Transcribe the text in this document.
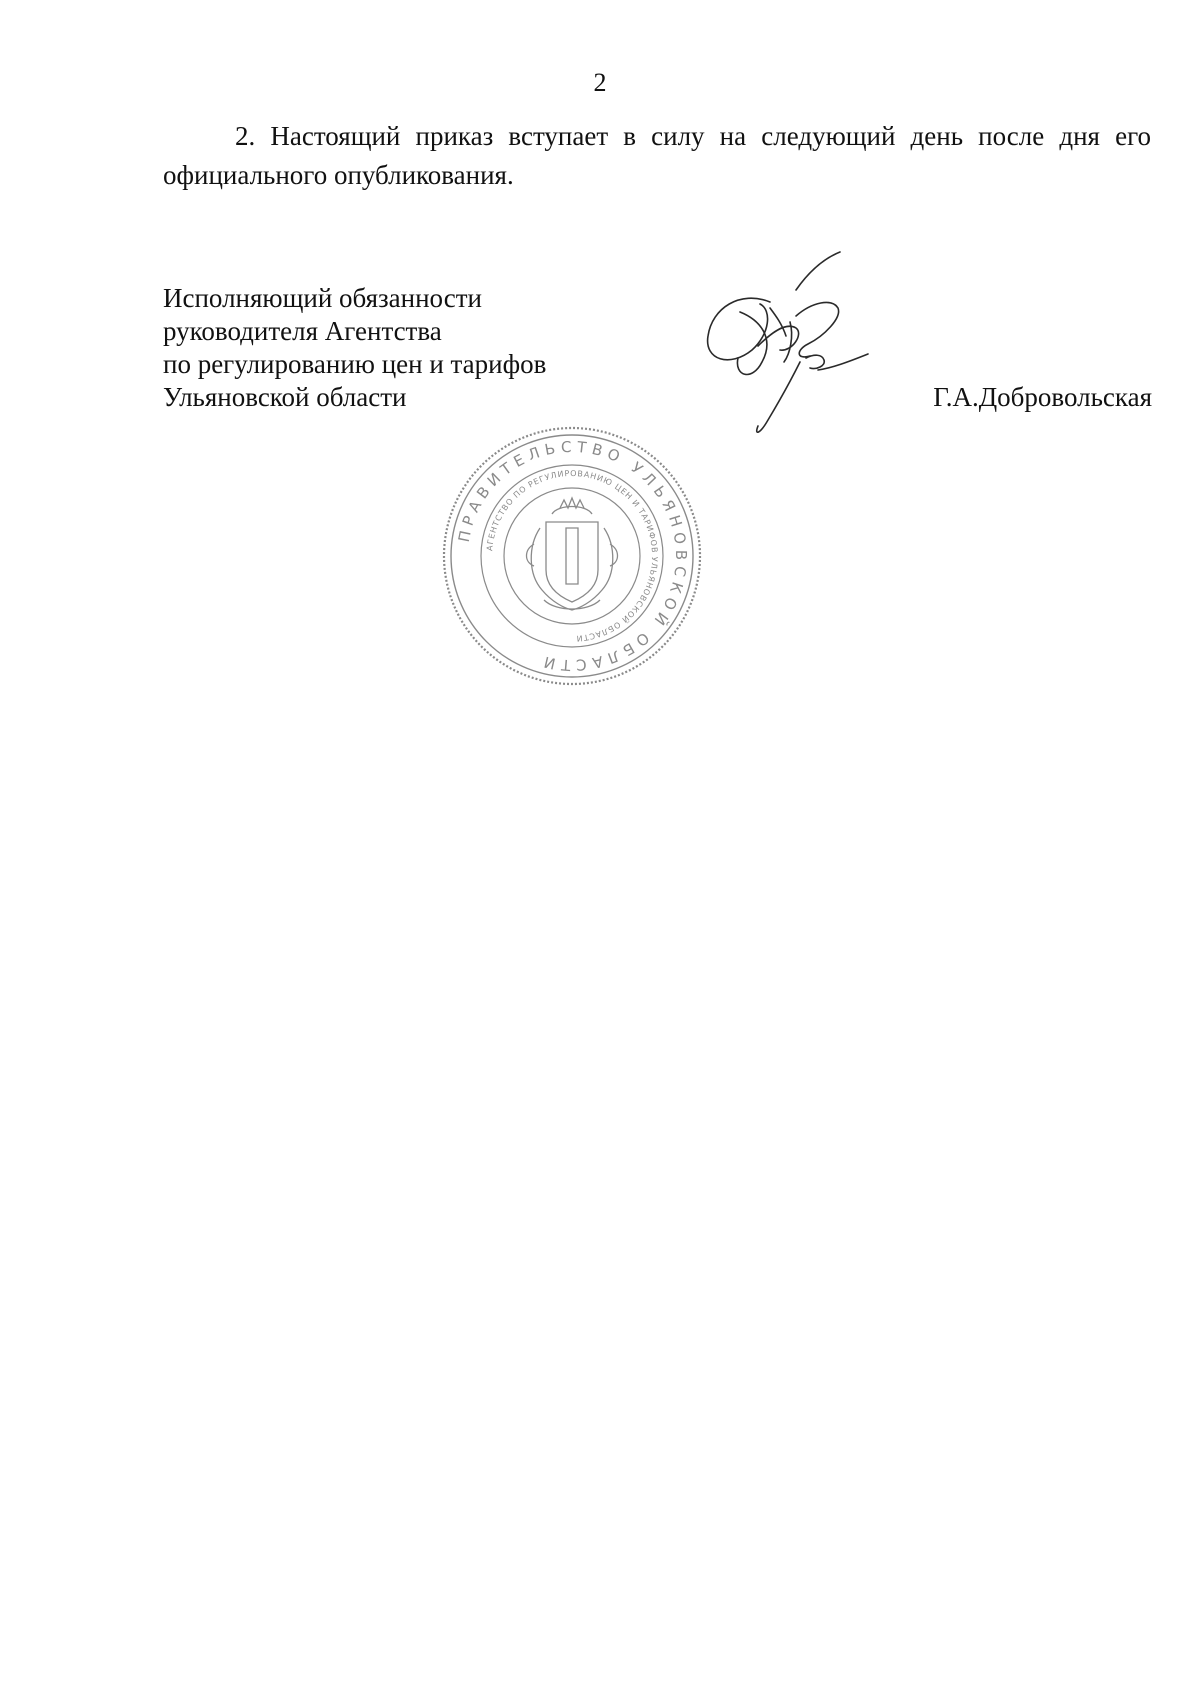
2
2. Настоящий приказ вступает в силу на следующий день после дня его официального опубликования.
Исполняющий обязанности
руководителя Агентства
по регулированию цен и тарифов
Ульяновской области	Г.А.Добровольская
ПРАВИТЕЛЬСТВО УЛЬЯНОВСКОЙ ОБЛАСТИ
АГЕНТСТВО ПО РЕГУЛИРОВАНИЮ ЦЕН И ТАРИФОВ УЛЬЯНОВСКОЙ ОБЛАСТИ
